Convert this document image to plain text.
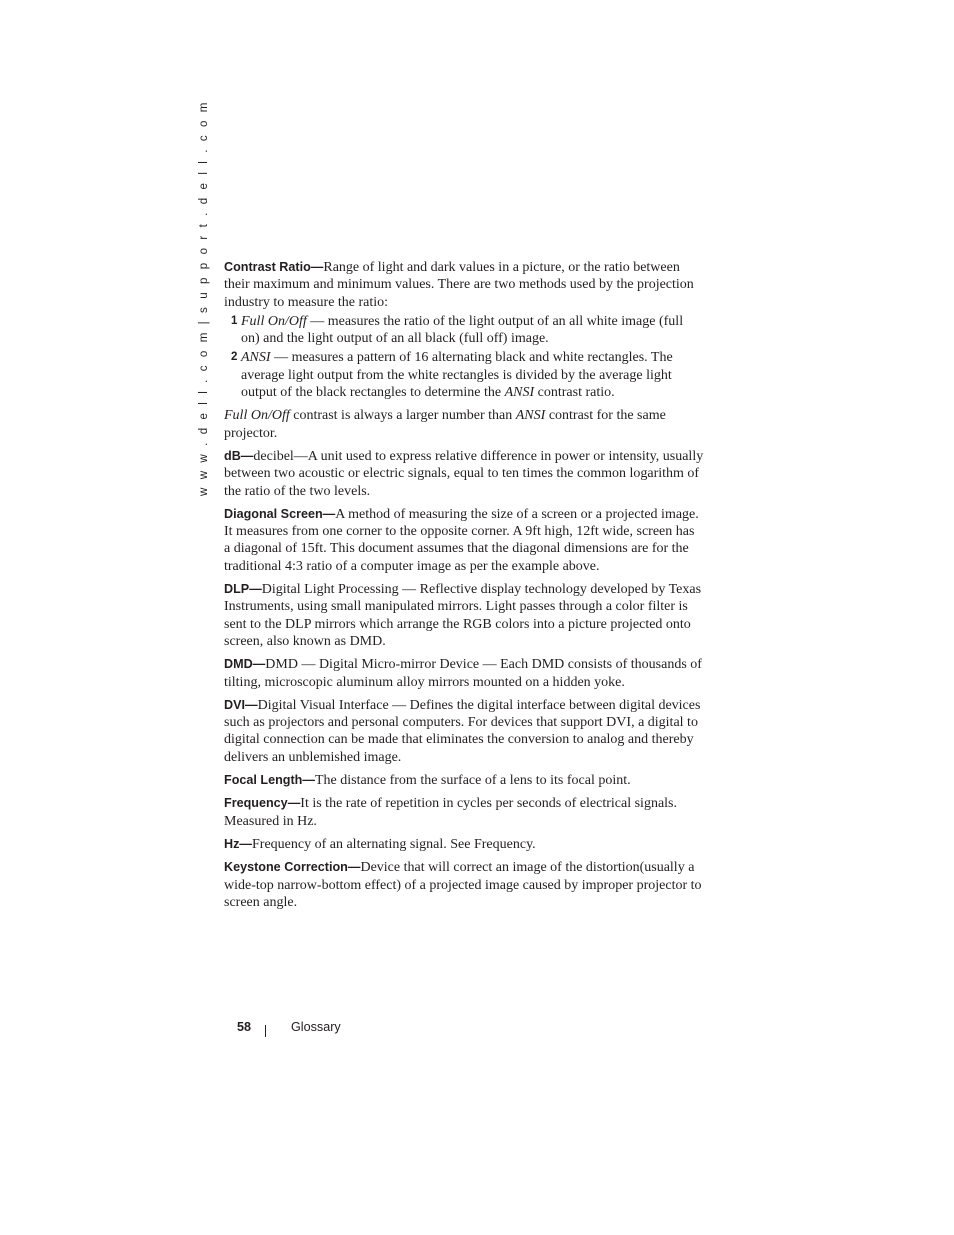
w w w . d e l l . c o m | s u p p o r t . d e l l . c o m Contrast Ratio—Range of light and dark values in a picture, or the ratio between their maximum and minimum values. There are two methods used by the projection industry to measure the ratio:

1 Full On/Off — measures the ratio of the light output of an all white image (full on) and the light output of an all black (full off) image.
2 ANSI — measures a pattern of 16 alternating black and white rectangles. The average light output from the white rectangles is divided by the average light output of the black rectangles to determine the ANSI contrast ratio.

Full On/Off contrast is always a larger number than ANSI contrast for the same projector.

dB—decibel—A unit used to express relative difference in power or intensity, usually between two acoustic or electric signals, equal to ten times the common logarithm of the ratio of the two levels.

Diagonal Screen—A method of measuring the size of a screen or a projected image. It measures from one corner to the opposite corner. A 9ft high, 12ft wide, screen has a diagonal of 15ft. This document assumes that the diagonal dimensions are for the traditional 4:3 ratio of a computer image as per the example above.

DLP—Digital Light Processing — Reflective display technology developed by Texas Instruments, using small manipulated mirrors. Light passes through a color filter is sent to the DLP mirrors which arrange the RGB colors into a picture projected onto screen, also known as DMD.

DMD—DMD — Digital Micro-mirror Device — Each DMD consists of thousands of tilting, microscopic aluminum alloy mirrors mounted on a hidden yoke.

DVI—Digital Visual Interface — Defines the digital interface between digital devices such as projectors and personal computers. For devices that support DVI, a digital to digital connection can be made that eliminates the conversion to analog and thereby delivers an unblemished image.

Focal Length—The distance from the surface of a lens to its focal point.

Frequency—It is the rate of repetition in cycles per seconds of electrical signals. Measured in Hz.

Hz—Frequency of an alternating signal. See Frequency.

Keystone Correction—Device that will correct an image of the distortion(usually a wide-top narrow-bottom effect) of a projected image caused by improper projector to screen angle.

58	Glossary
